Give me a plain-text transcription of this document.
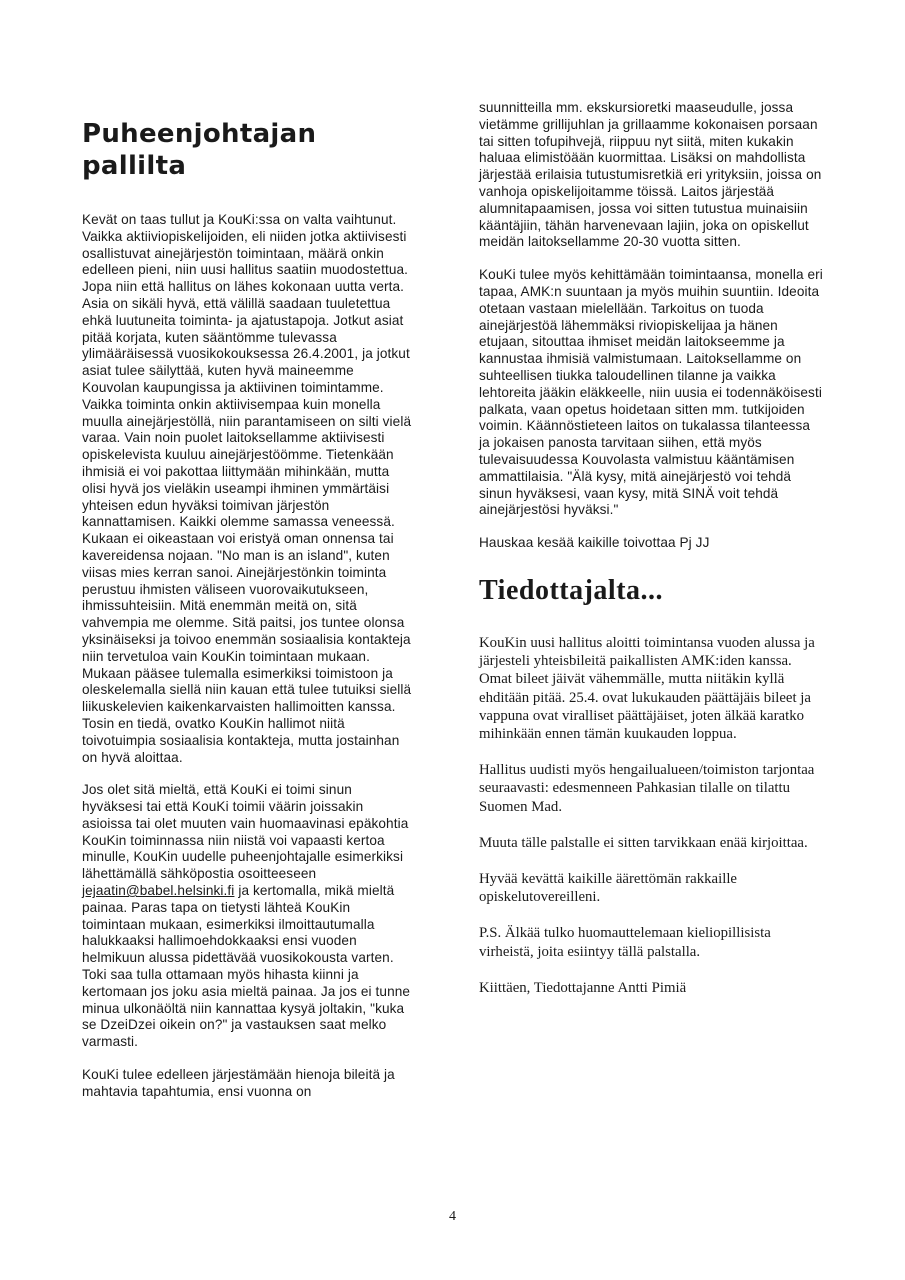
Puheenjohtajan pallilta

Kevät on taas tullut ja KouKi:ssa on valta vaihtunut. Vaikka aktiiviopiskelijoiden, eli niiden jotka aktiivisesti osallistuvat ainejärjestön toimintaan, määrä onkin edelleen pieni, niin uusi hallitus saatiin muodostettua. Jopa niin että hallitus on lähes kokonaan uutta verta. Asia on sikäli hyvä, että välillä saadaan tuuletettua ehkä luutuneita toiminta- ja ajatustapoja. Jotkut asiat pitää korjata, kuten sääntömme tulevassa ylimääräisessä vuosikokouksessa 26.4.2001, ja jotkut asiat tulee säilyttää, kuten hyvä maineemme Kouvolan kaupungissa ja aktiivinen toimintamme. Vaikka toiminta onkin aktiivisempaa kuin monella muulla ainejärjestöllä, niin parantamiseen on silti vielä varaa. Vain noin puolet laitoksellamme aktiivisesti opiskelevista kuuluu ainejärjestöömme. Tietenkään ihmisiä ei voi pakottaa liittymään mihinkään, mutta olisi hyvä jos vieläkin useampi ihminen ymmärtäisi yhteisen edun hyväksi toimivan järjestön kannattamisen. Kaikki olemme samassa veneessä. Kukaan ei oikeastaan voi eristyä oman onnensa tai kavereidensa nojaan. "No man is an island", kuten viisas mies kerran sanoi. Ainejärjestönkin toiminta perustuu ihmisten väliseen vuorovaikutukseen, ihmissuhteisiin. Mitä enemmän meitä on, sitä vahvempia me olemme. Sitä paitsi, jos tuntee olonsa yksinäiseksi ja toivoo enemmän sosiaalisia kontakteja niin tervetuloa vain KouKin toimintaan mukaan. Mukaan pääsee tulemalla esimerkiksi toimistoon ja oleskelemalla siellä niin kauan että tulee tutuiksi siellä liikuskelevien kaikenkarvaisten hallimoitten kanssa. Tosin en tiedä, ovatko KouKin hallimot niitä toivotuimpia sosiaalisia kontakteja, mutta jostainhan on hyvä aloittaa.

Jos olet sitä mieltä, että KouKi ei toimi sinun hyväksesi tai että KouKi toimii väärin joissakin asioissa tai olet muuten vain huomaavinasi epäkohtia KouKin toiminnassa niin niistä voi vapaasti kertoa minulle, KouKin uudelle puheenjohtajalle esimerkiksi lähettämällä sähköpostia osoitteeseen jejaatin@babel.helsinki.fi ja kertomalla, mikä mieltä painaa. Paras tapa on tietysti lähteä KouKin toimintaan mukaan, esimerkiksi ilmoittautumalla halukkaaksi hallimoehdokkaaksi ensi vuoden helmikuun alussa pidettävää vuosikokousta varten. Toki saa tulla ottamaan myös hihasta kiinni ja kertomaan jos joku asia mieltä painaa. Ja jos ei tunne minua ulkonäöltä niin kannattaa kysyä joltakin, "kuka se DzeiDzei oikein on?" ja vastauksen saat melko varmasti.

KouKi tulee edelleen järjestämään hienoja bileitä ja mahtavia tapahtumia, ensi vuonna on

suunnitteilla mm. ekskursioretki maaseudulle, jossa vietämme grillijuhlan ja grillaamme kokonaisen porsaan tai sitten tofupihvejä, riippuu nyt siitä, miten kukakin haluaa elimistöään kuormittaa. Lisäksi on mahdollista järjestää erilaisia tutustumisretkiä eri yrityksiin, joissa on vanhoja opiskelijoitamme töissä. Laitos järjestää alumnitapaamisen, jossa voi sitten tutustua muinaisiin kääntäjiin, tähän harvenevaan lajiin, joka on opiskellut meidän laitoksellamme 20-30 vuotta sitten.

KouKi tulee myös kehittämään toimintaansa, monella eri tapaa, AMK:n suuntaan ja myös muihin suuntiin. Ideoita otetaan vastaan mielellään. Tarkoitus on tuoda ainejärjestöä lähemmäksi riviopiskelijaa ja hänen etujaan, sitouttaa ihmiset meidän laitokseemme ja kannustaa ihmisiä valmistumaan. Laitoksellamme on suhteellisen tiukka taloudellinen tilanne ja vaikka lehtoreita jääkin eläkkeelle, niin uusia ei todennäköisesti palkata, vaan opetus hoidetaan sitten mm. tutkijoiden voimin. Käännöstieteen laitos on tukalassa tilanteessa ja jokaisen panosta tarvitaan siihen, että myös tulevaisuudessa Kouvolasta valmistuu kääntämisen ammattilaisia. "Älä kysy, mitä ainejärjestö voi tehdä sinun hyväksesi, vaan kysy, mitä SINÄ voit tehdä ainejärjestösi hyväksi."

Hauskaa kesää kaikille toivottaa Pj JJ

Tiedottajalta...

KouKin uusi hallitus aloitti toimintansa vuoden alussa ja järjesteli yhteisbileitä paikallisten AMK:iden kanssa. Omat bileet jäivät vähemmälle, mutta niitäkin kyllä ehditään pitää. 25.4. ovat lukukauden päättäjäis bileet ja vappuna ovat viralliset päättäjäiset, joten älkää karatko mihinkään ennen tämän kuukauden loppua.

Hallitus uudisti myös hengailualueen/toimiston tarjontaa seuraavasti: edesmenneen Pahkasian tilalle on tilattu Suomen Mad.

Muuta tälle palstalle ei sitten tarvikkaan enää kirjoittaa.

Hyvää kevättä kaikille äärettömän rakkaille opiskelutovereilleni.

P.S. Älkää tulko huomauttelemaan kieliopillisista virheistä, joita esiintyy tällä palstalla.

Kiittäen, Tiedottajanne Antti Pimiä

4
